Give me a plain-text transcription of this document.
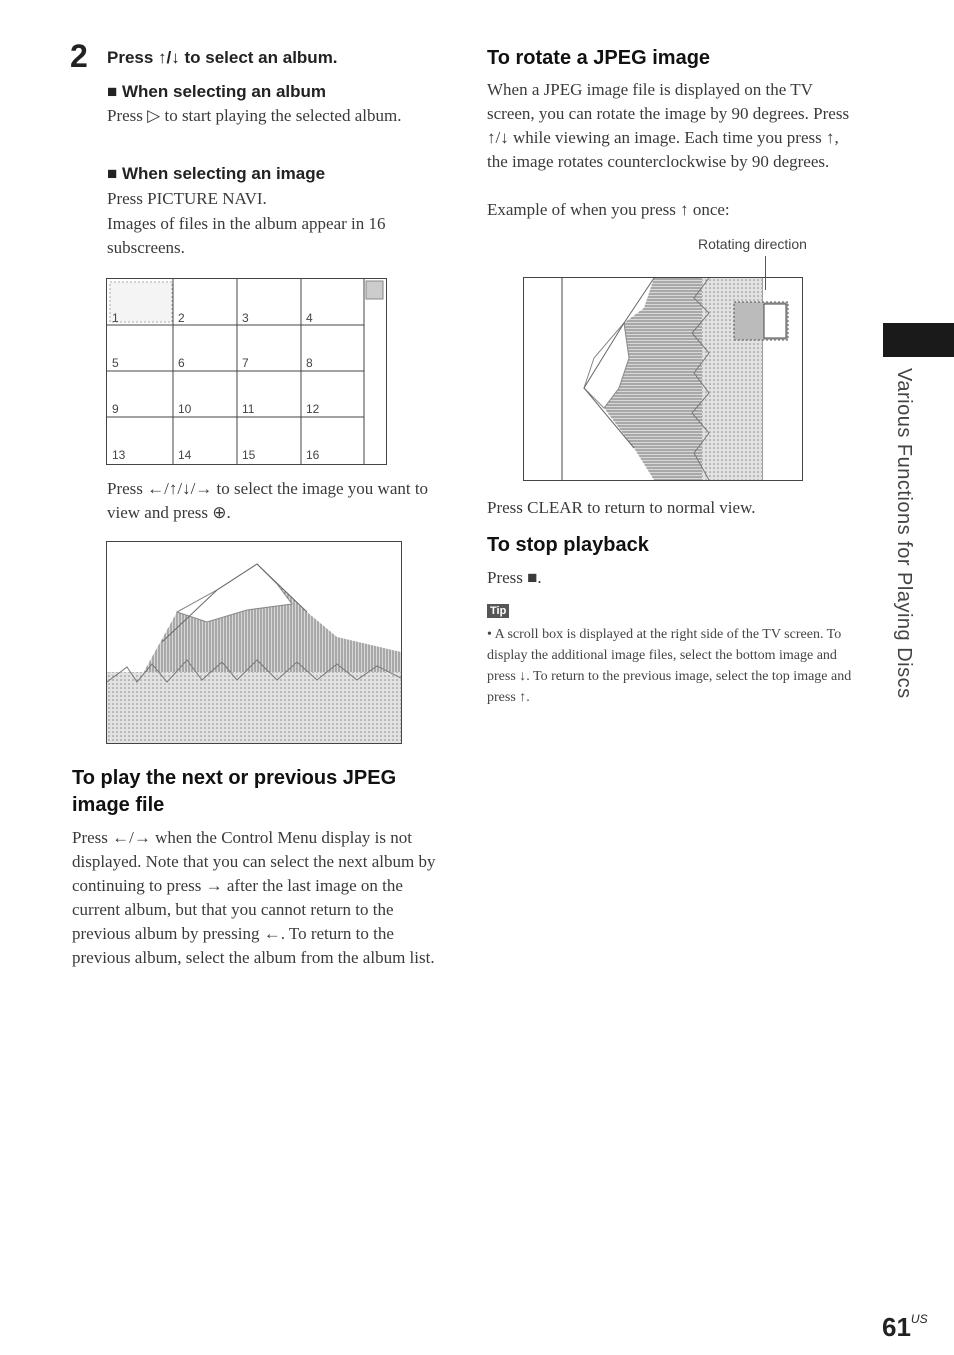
2 Press ↑/↓ to select an album.
■ When selecting an album
Press ▷ to start playing the selected album.
■ When selecting an image
Press PICTURE NAVI.
Images of files in the album appear in 16 subscreens.
1	2	3	4
5	6	7	8
9	10	11	12
13	14	15	16
Press ←/↑/↓/→ to select the image you want to view and press ⊕.
To play the next or previous JPEG image file
Press ←/→ when the Control Menu display is not displayed. Note that you can select the next album by continuing to press → after the last image on the current album, but that you cannot return to the previous album by pressing ←. To return to the previous album, select the album from the album list.
To rotate a JPEG image
When a JPEG image file is displayed on the TV screen, you can rotate the image by 90 degrees. Press ↑/↓ while viewing an image. Each time you press ↑, the image rotates counterclockwise by 90 degrees.
Example of when you press ↑ once:
Rotating direction
Press CLEAR to return to normal view.
To stop playback
Press ■.
Tip
• A scroll box is displayed at the right side of the TV screen. To display the additional image files, select the bottom image and press ↓. To return to the previous image, select the top image and press ↑.	Various Functions for Playing Discs
$61^{US}$
